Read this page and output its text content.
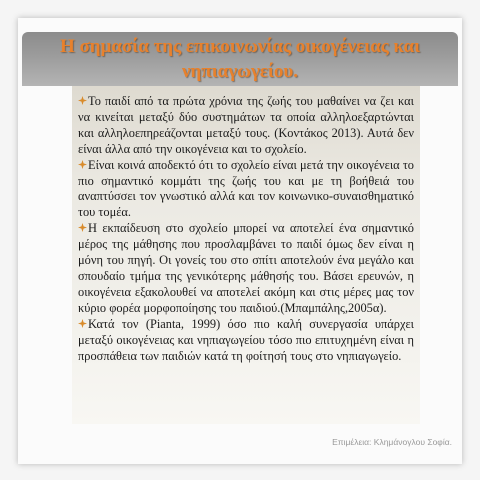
Η σημασία της επικοινωνίας οικογένειας και νηπιαγωγείου.

Το παιδί από τα πρώτα χρόνια της ζωής του μαθαίνει να ζει και να κινείται μεταξύ δύο συστημάτων τα οποία αλληλοεξαρτώνται και αλληλοεπηρεάζονται μεταξύ τους. (Κοντάκος 2013). Αυτά δεν είναι άλλα από την οικογένεια και το σχολείο.

Είναι κοινά αποδεκτό ότι το σχολείο είναι μετά την οικογένεια το πιο σημαντικό κομμάτι της ζωής του και με τη βοήθειά του αναπτύσσει τον γνωστικό αλλά και τον κοινωνικο-συναισθηματικό του τομέα.

Η εκπαίδευση στο σχολείο μπορεί να αποτελεί ένα σημαντικό μέρος της μάθησης που προσλαμβάνει το παιδί όμως δεν είναι η μόνη του πηγή. Οι γονείς του στο σπίτι αποτελούν ένα μεγάλο και σπουδαίο τμήμα της γενικότερης μάθησής του. Βάσει ερευνών, η οικογένεια εξακολουθεί να αποτελεί ακόμη και στις μέρες μας τον κύριο φορέα μορφοποίησης του παιδιού.(Μπαμπάλης,2005α).

Κατά τον (Pianta, 1999) όσο πιο καλή συνεργασία υπάρχει μεταξύ οικογένειας και νηπιαγωγείου τόσο πιο επιτυχημένη είναι η προσπάθεια των παιδιών κατά τη φοίτησή τους στο νηπιαγωγείο.

Επιμέλεια: Κλημάνογλου Σοφία.
